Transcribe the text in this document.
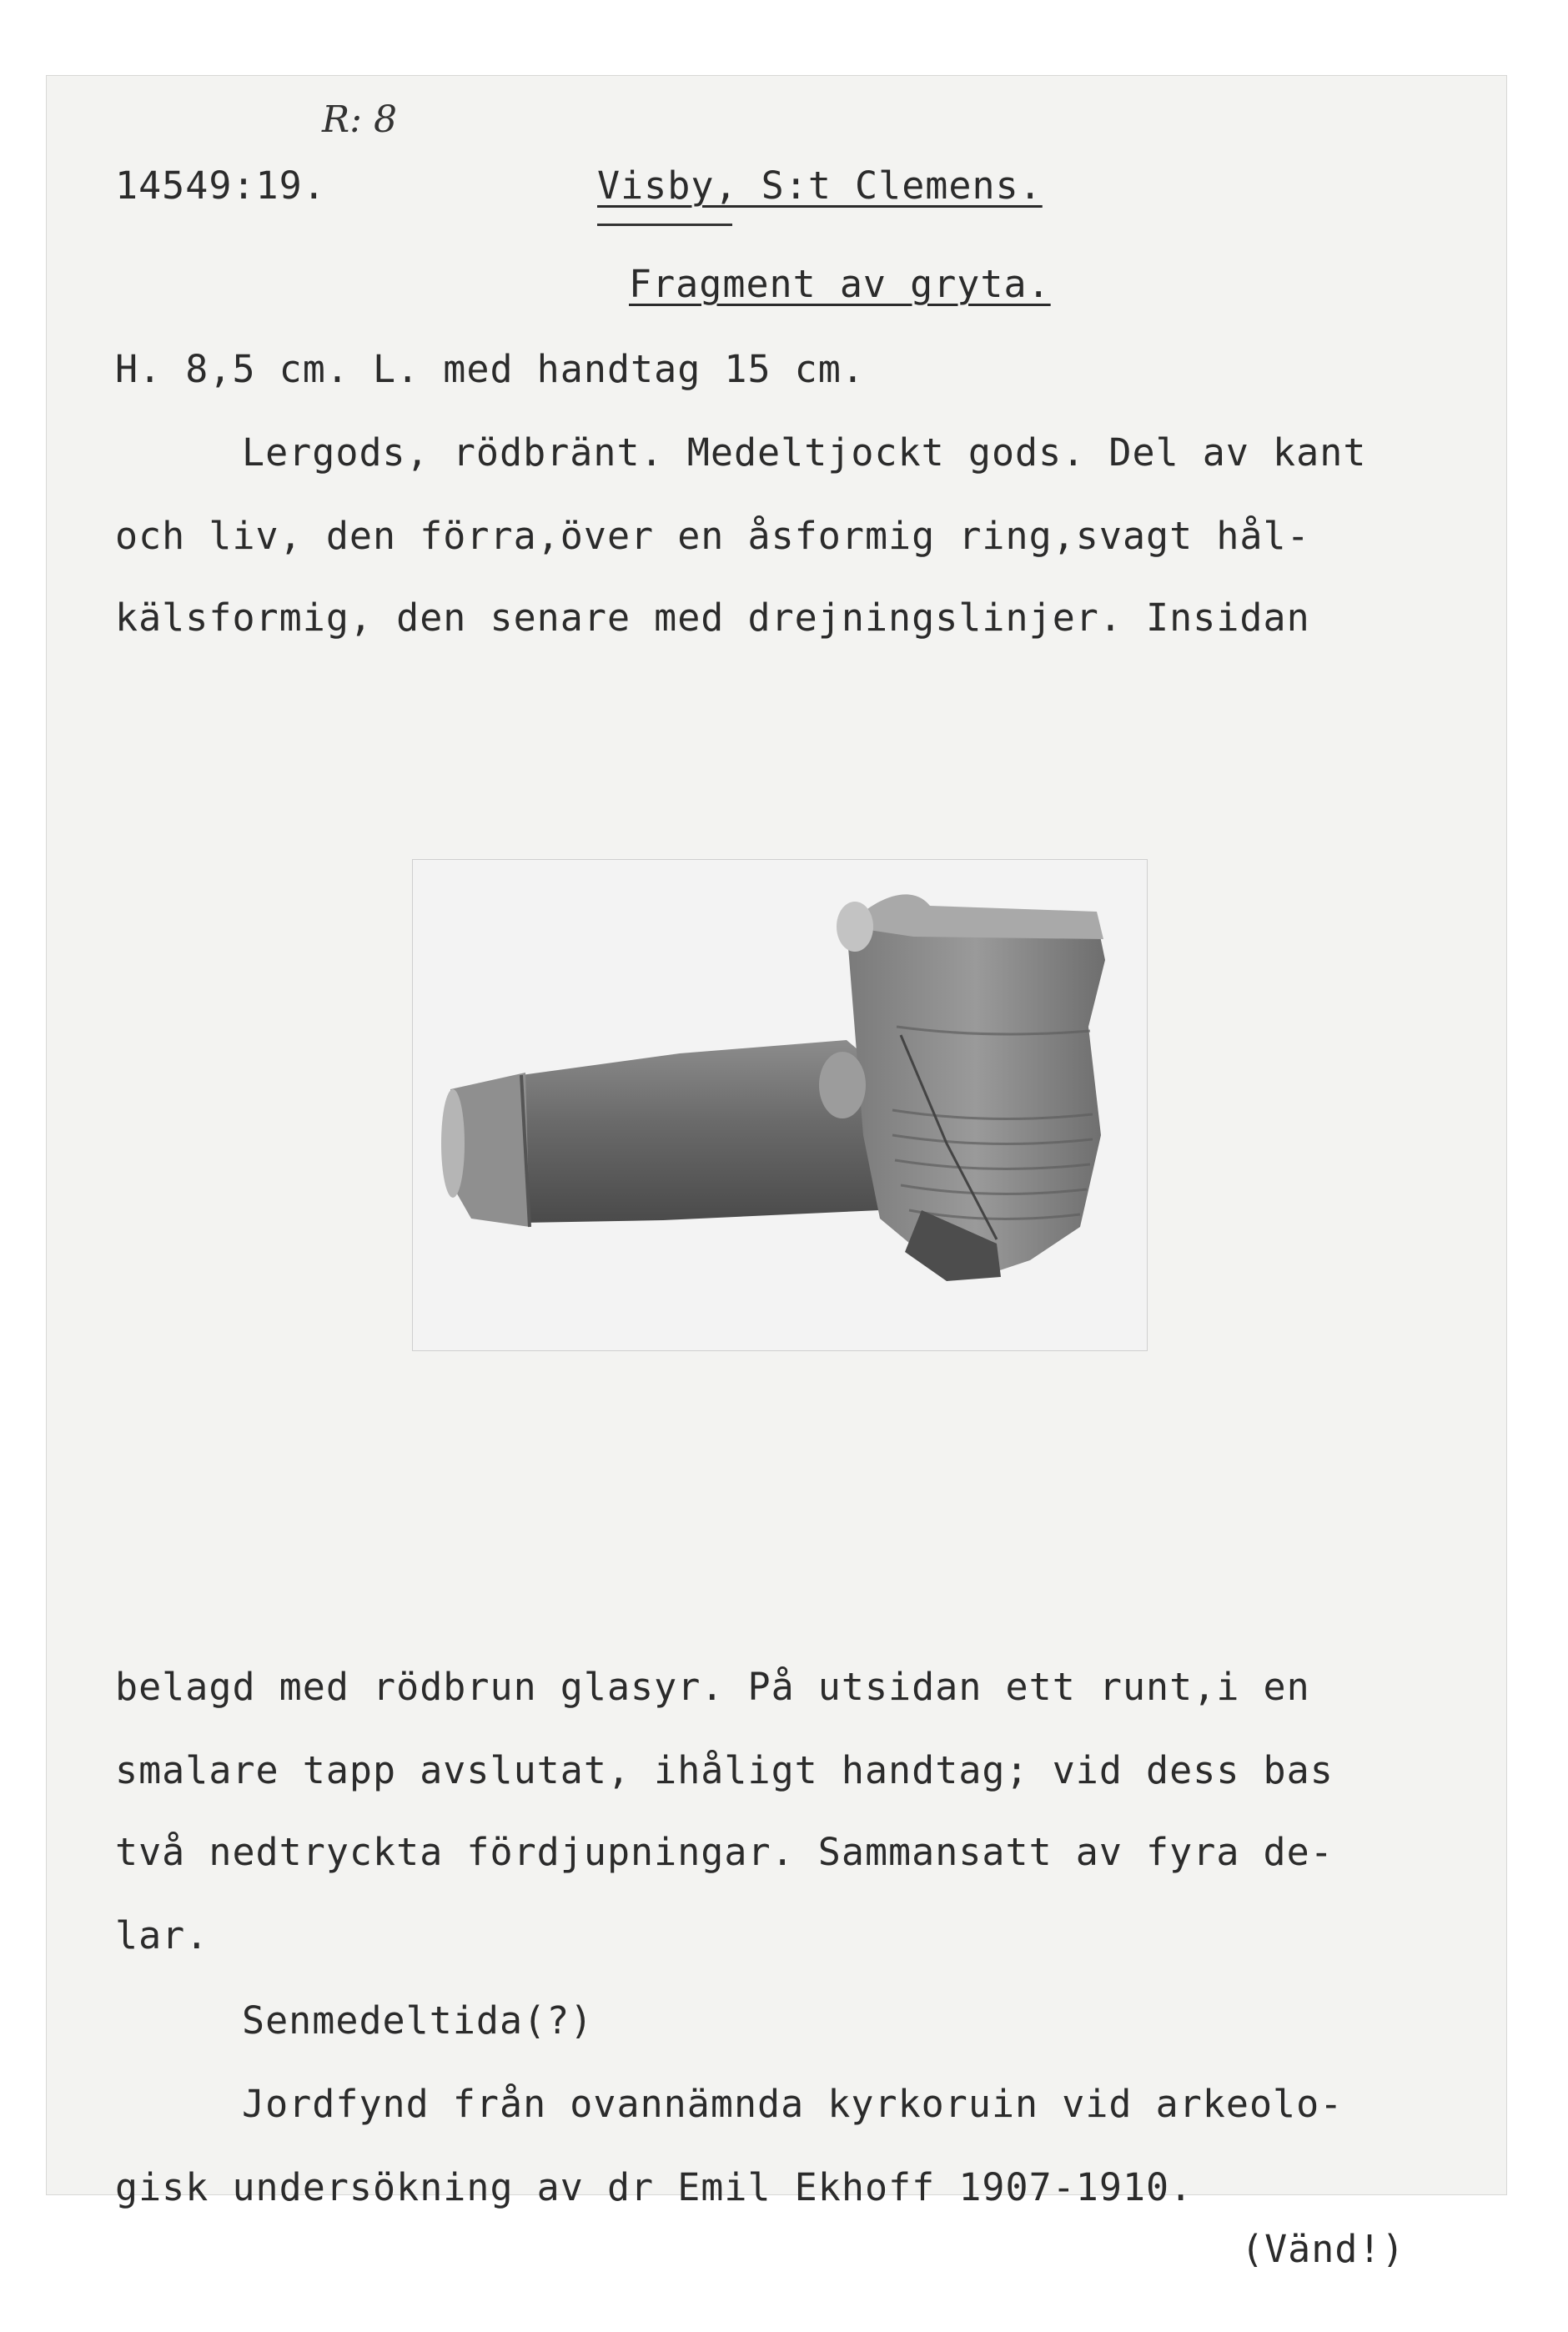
R: 8
14549:19.	Visby, S:t Clemens.
Fragment av gryta.
H. 8,5 cm. L. med handtag 15 cm.
Lergods, rödbränt. Medeltjockt gods. Del av kant
och liv, den förra,över en åsformig ring,svagt hål-
kälsformig, den senare med drejningslinjer. Insidan
belagd med rödbrun glasyr. På utsidan ett runt,i en
smalare tapp avslutat, ihåligt handtag; vid dess bas
två nedtryckta fördjupningar. Sammansatt av fyra de-
lar.
Senmedeltida(?)
Jordfynd från ovannämnda kyrkoruin vid arkeolo-
gisk undersökning av dr Emil Ekhoff 1907-1910.
(Vänd!)
